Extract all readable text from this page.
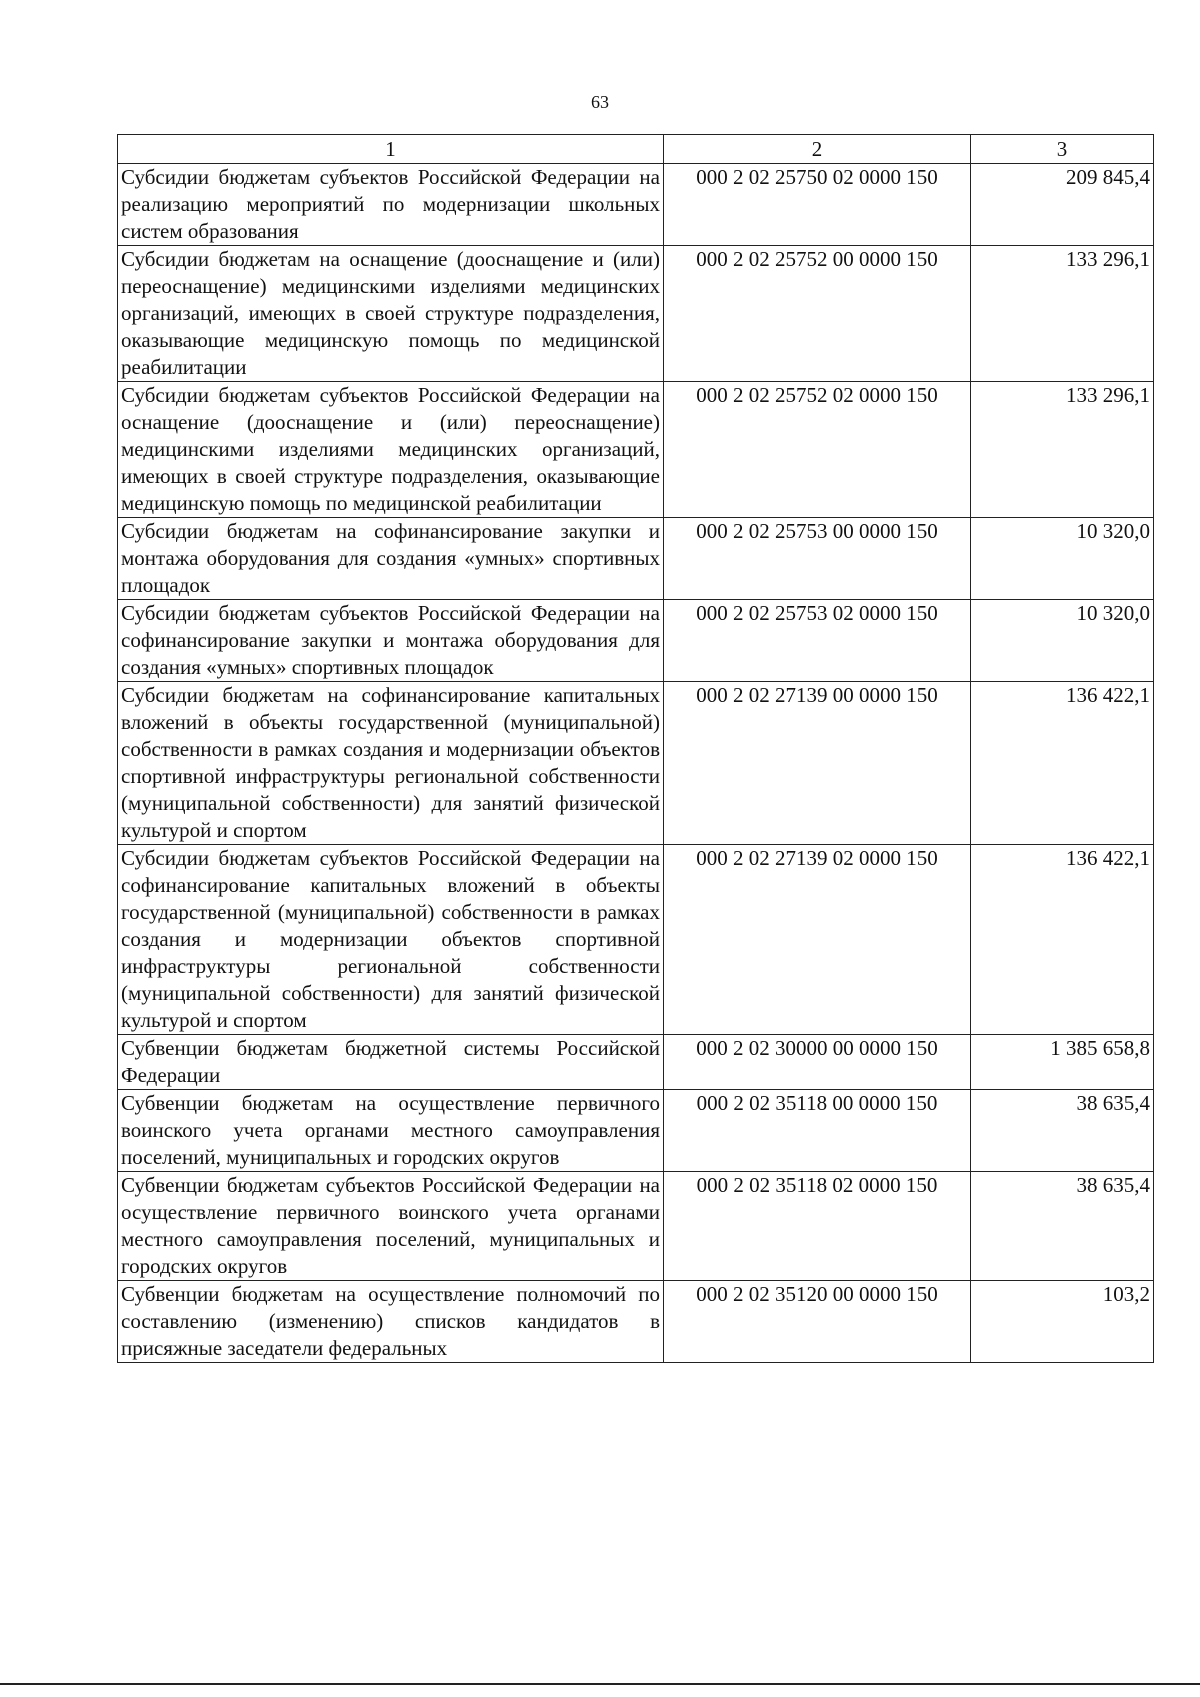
63
1	2	3
Субсидии бюджетам субъектов Российской Федерации на реализацию мероприятий по модернизации школьных систем образования	000 2 02 25750 02 0000 150	209 845,4
Субсидии бюджетам на оснащение (дооснащение и (или) переоснащение) медицинскими изделиями медицинских организаций, имеющих в своей структуре подразделения, оказывающие медицинскую помощь по медицинской реабилитации	000 2 02 25752 00 0000 150	133 296,1
Субсидии бюджетам субъектов Российской Федерации на оснащение (дооснащение и (или) переоснащение) медицинскими изделиями медицинских организаций, имеющих в своей структуре подразделения, оказывающие медицинскую помощь по медицинской реабилитации	000 2 02 25752 02 0000 150	133 296,1
Субсидии бюджетам на софинансирование закупки и монтажа оборудования для создания «умных» спортивных площадок	000 2 02 25753 00 0000 150	10 320,0
Субсидии бюджетам субъектов Российской Федерации на софинансирование закупки и монтажа оборудования для создания «умных» спортивных площадок	000 2 02 25753 02 0000 150	10 320,0
Субсидии бюджетам на софинансирование капитальных вложений в объекты государственной (муниципальной) собственности в рамках создания и модернизации объектов спортивной инфраструктуры региональной собственности (муниципальной собственности) для занятий физической культурой и спортом	000 2 02 27139 00 0000 150	136 422,1
Субсидии бюджетам субъектов Российской Федерации на софинансирование капитальных вложений в объекты государственной (муниципальной) собственности в рамках создания и модернизации объектов спортивной инфраструктуры региональной собственности (муниципальной собственности) для занятий физической культурой и спортом	000 2 02 27139 02 0000 150	136 422,1
Субвенции бюджетам бюджетной системы Российской Федерации	000 2 02 30000 00 0000 150	1 385 658,8
Субвенции бюджетам на осуществление первичного воинского учета органами местного самоуправления поселений, муниципальных и городских округов	000 2 02 35118 00 0000 150	38 635,4
Субвенции бюджетам субъектов Российской Федерации на осуществление первичного воинского учета органами местного самоуправления поселений, муниципальных и городских округов	000 2 02 35118 02 0000 150	38 635,4
Субвенции бюджетам на осуществление полномочий по составлению (изменению) списков кандидатов в присяжные заседатели федеральных	000 2 02 35120 00 0000 150	103,2
